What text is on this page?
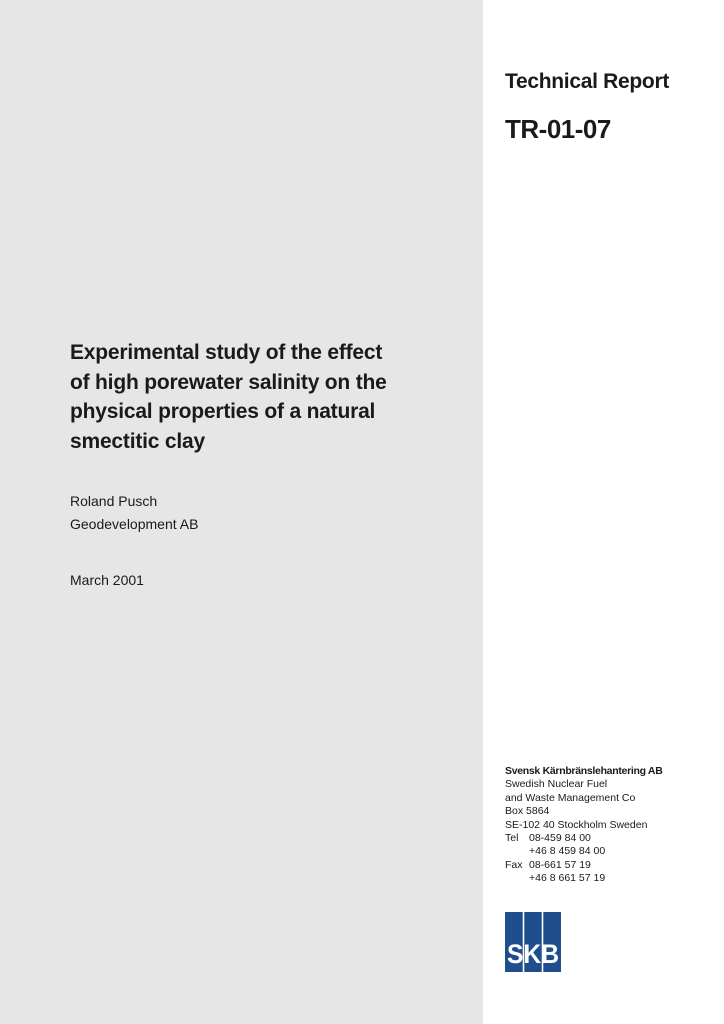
Technical Report
TR-01-07
Experimental study of the effect
of high porewater salinity on the
physical properties of a natural
smectitic clay
Roland Pusch
Geodevelopment AB
March 2001
Svensk Kärnbränslehantering AB
Swedish Nuclear Fuel
and Waste Management Co
Box 5864
SE-102 40 Stockholm Sweden
Tel 08-459 84 00
+46 8 459 84 00
Fax 08-661 57 19
+46 8 661 57 19
SKB
